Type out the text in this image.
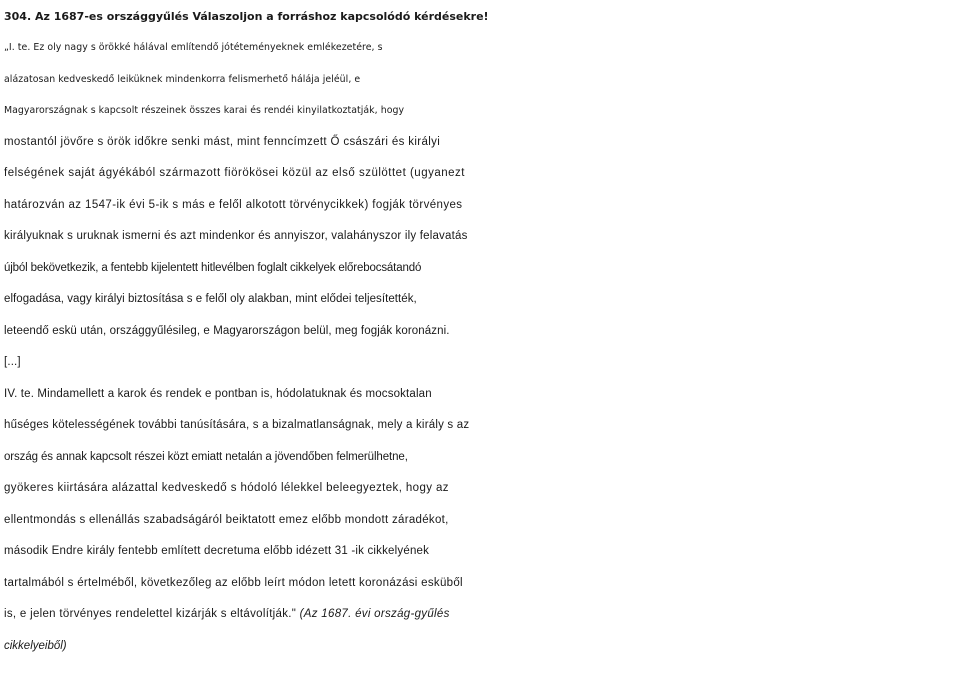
304. Az 1687-es országgyűlés Válaszoljon a forráshoz kapcsolódó kérdésekre!
„I. te. Ez oly nagy s örökké hálával említendő jótéteményeknek emlékezetére, s
alázatosan kedveskedő leiküknek mindenkorra felismerhető hálája jeléül, e
Magyarországnak s kapcsolt részeinek összes karai és rendéi kinyilatkoztatják, hogy
mostantól jövőre s örök időkre senki mást, mint fenncímzett Ő császári és királyi
felségének saját ágyékából származott fiörökösei közül az első szülöttet (ugyanezt
határozván az 1547-ik évi 5-ik s más e felől alkotott törvénycikkek) fogják törvényes
királyuknak s uruknak ismerni és azt mindenkor és annyiszor, valahányszor ily felavatás
újból bekövetkezik, a fentebb kijelentett hitlevélben foglalt cikkelyek előrebocsátandó
elfogadása, vagy királyi biztosítása s e felől oly alakban, mint elődei teljesítették,
leteendő eskü után, országgyűlésileg, e Magyarországon belül, meg fogják koronázni.
[...]
IV. te. Mindamellett a karok és rendek e pontban is, hódolatuknak és mocsoktalan
hűséges kötelességének további tanúsítására, s a bizalmatlanságnak, mely a király s az
ország és annak kapcsolt részei közt emiatt netalán a jövendőben felmerülhetne,
gyökeres kiirtására alázattal kedveskedő s hódoló lélekkel beleegyeztek, hogy az
ellentmondás s ellenállás szabadságáról beiktatott emez előbb mondott záradékot,
második Endre király fentebb említett decretuma előbb idézett 31 -ik cikkelyének
tartalmából s értelméből, következőleg az előbb leírt módon letett koronázási esküből
is, e jelen törvényes rendelettel kizárják s eltávolítják." (Az 1687. évi ország-gyűlés
cikkelyeiből)
